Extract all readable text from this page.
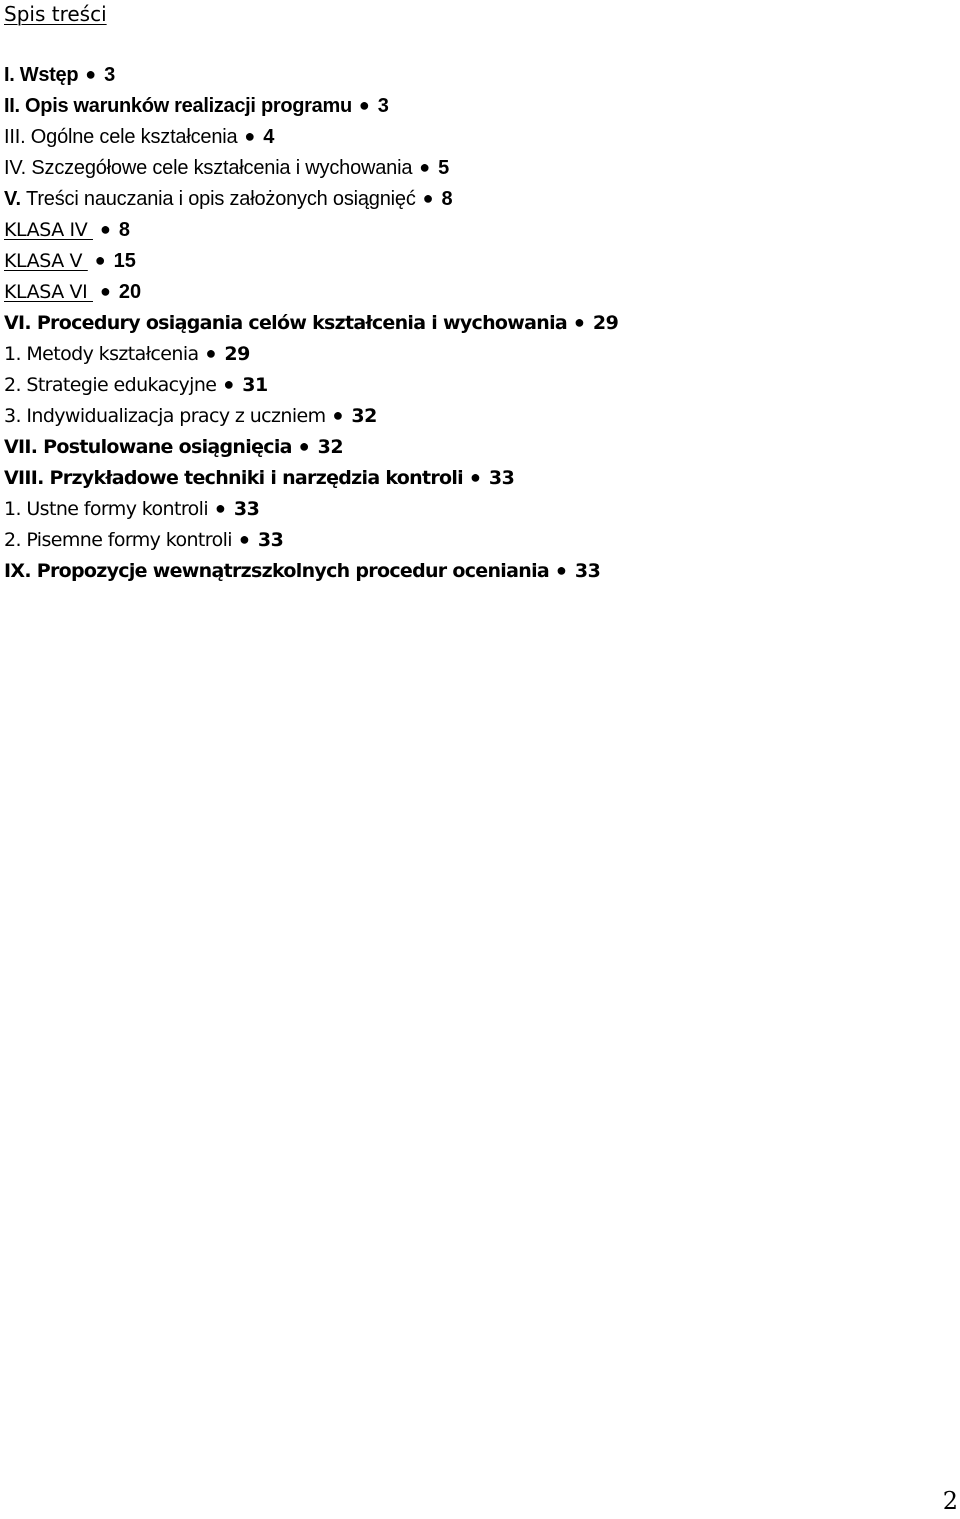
Spis treści
I. Wstęp ● 3
II. Opis warunków realizacji programu ● 3
III. Ogólne cele kształcenia ● 4
IV. Szczegółowe cele kształcenia i wychowania ● 5
V. Treści nauczania i opis założonych osiągnięć ● 8
KLASA IV ● 8
KLASA V ● 15
KLASA VI ● 20
VI. Procedury osiągania celów kształcenia i wychowania ● 29
1. Metody kształcenia ● 29
2. Strategie edukacyjne ● 31
3. Indywidualizacja pracy z uczniem ● 32
VII. Postulowane osiągnięcia ● 32
VIII. Przykładowe techniki i narzędzia kontroli ● 33
1. Ustne formy kontroli ● 33
2. Pisemne formy kontroli ● 33
IX. Propozycje wewnątrzszkolnych procedur oceniania ● 33
2
